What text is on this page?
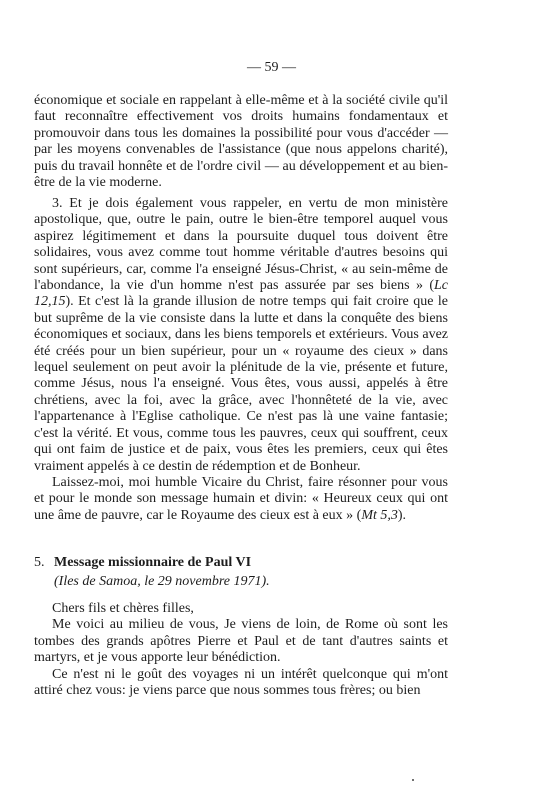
— 59 —

économique et sociale en rappelant à elle-même et à la société civile qu'il faut reconnaître effectivement vos droits humains fondamentaux et promouvoir dans tous les domaines la possibilité pour vous d'accéder — par les moyens convenables de l'assistance (que nous appelons charité), puis du travail honnête et de l'ordre civil — au développement et au bien-être de la vie moderne.

3. Et je dois également vous rappeler, en vertu de mon ministère apostolique, que, outre le pain, outre le bien-être temporel auquel vous aspirez légitimement et dans la poursuite duquel tous doivent être solidaires, vous avez comme tout homme véritable d'autres besoins qui sont supérieurs, car, comme l'a enseigné Jésus-Christ, « au sein-même de l'abondance, la vie d'un homme n'est pas assurée par ses biens » (Lc 12,15). Et c'est là la grande illusion de notre temps qui fait croire que le but suprême de la vie consiste dans la lutte et dans la conquête des biens économiques et sociaux, dans les biens temporels et extérieurs. Vous avez été créés pour un bien supérieur, pour un « royaume des cieux » dans lequel seulement on peut avoir la plénitude de la vie, présente et future, comme Jésus, nous l'a enseigné. Vous êtes, vous aussi, appelés à être chrétiens, avec la foi, avec la grâce, avec l'honnêteté de la vie, avec l'appartenance à l'Eglise catholique. Ce n'est pas là une vaine fantasie; c'est la vérité. Et vous, comme tous les pauvres, ceux qui souffrent, ceux qui ont faim de justice et de paix, vous êtes les premiers, ceux qui êtes vraiment appelés à ce destin de rédemption et de Bonheur.

Laissez-moi, moi humble Vicaire du Christ, faire résonner pour vous et pour le monde son message humain et divin: « Heureux ceux qui ont une âme de pauvre, car le Royaume des cieux est à eux » (Mt 5,3).

5. Message missionnaire de Paul VI
(Iles de Samoa, le 29 novembre 1971).

Chers fils et chères filles,

Me voici au milieu de vous, Je viens de loin, de Rome où sont les tombes des grands apôtres Pierre et Paul et de tant d'autres saints et martyrs, et je vous apporte leur bénédiction.

Ce n'est ni le goût des voyages ni un intérêt quelconque qui m'ont attiré chez vous: je viens parce que nous sommes tous frères; ou bien
